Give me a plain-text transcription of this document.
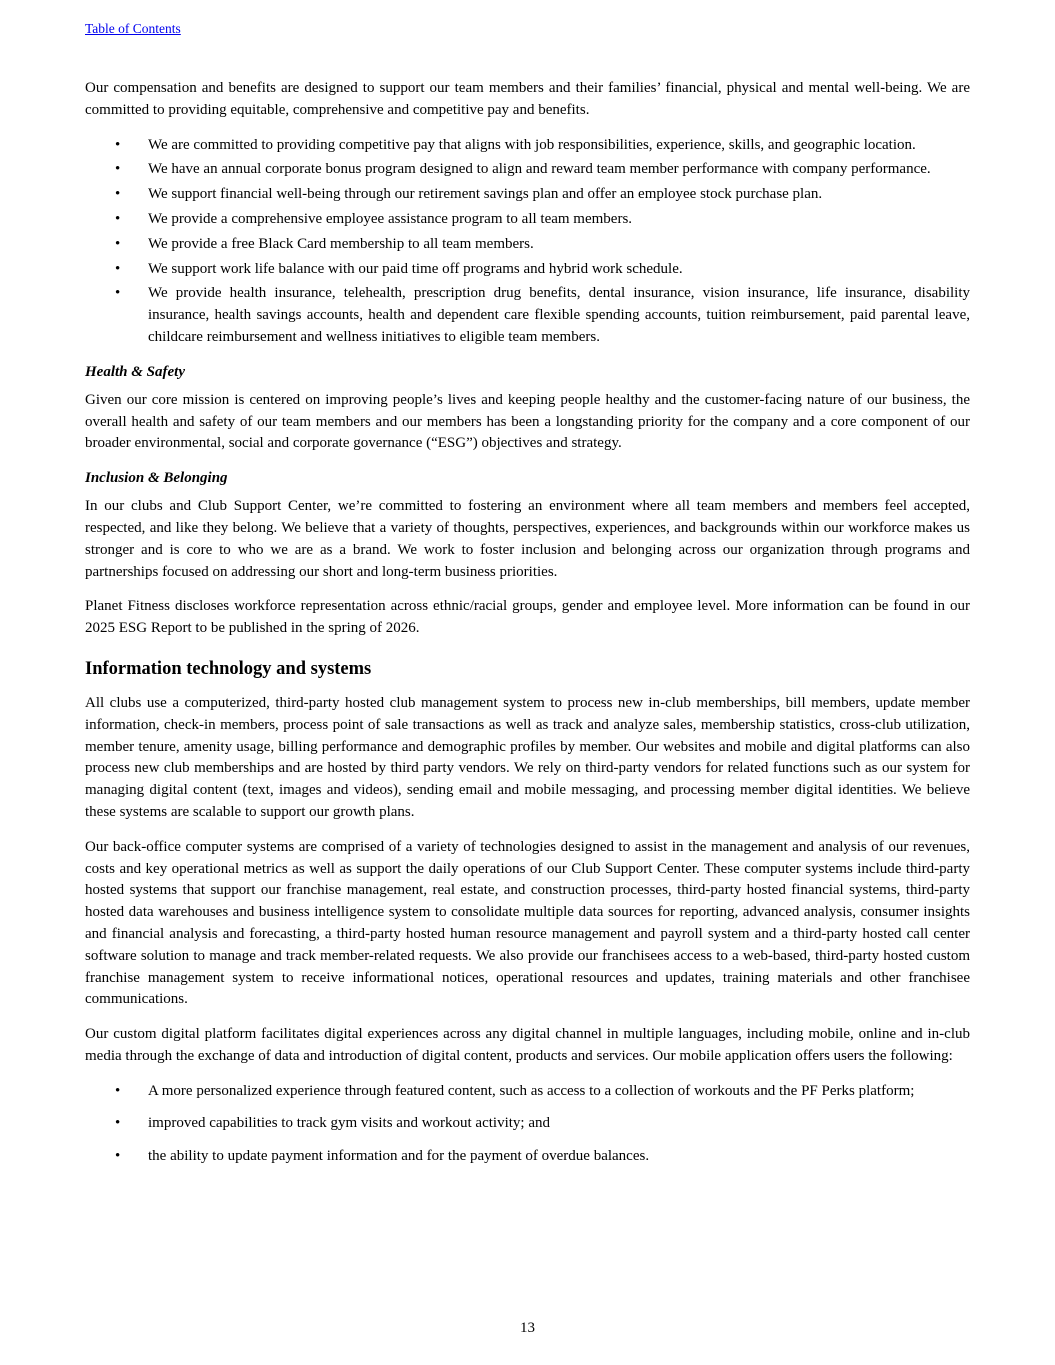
Table of Contents

Our compensation and benefits are designed to support our team members and their families’ financial, physical and mental well-being. We are committed to providing equitable, comprehensive and competitive pay and benefits.

• We are committed to providing competitive pay that aligns with job responsibilities, experience, skills, and geographic location.
• We have an annual corporate bonus program designed to align and reward team member performance with company performance.
• We support financial well-being through our retirement savings plan and offer an employee stock purchase plan.
• We provide a comprehensive employee assistance program to all team members.
• We provide a free Black Card membership to all team members.
• We support work life balance with our paid time off programs and hybrid work schedule.
• We provide health insurance, telehealth, prescription drug benefits, dental insurance, vision insurance, life insurance, disability insurance, health savings accounts, health and dependent care flexible spending accounts, tuition reimbursement, paid parental leave, childcare reimbursement and wellness initiatives to eligible team members.
Health & Safety

Given our core mission is centered on improving people’s lives and keeping people healthy and the customer-facing nature of our business, the overall health and safety of our team members and our members has been a longstanding priority for the company and a core component of our broader environmental, social and corporate governance (“ESG”) objectives and strategy.

Inclusion & Belonging

In our clubs and Club Support Center, we’re committed to fostering an environment where all team members and members feel accepted, respected, and like they belong. We believe that a variety of thoughts, perspectives, experiences, and backgrounds within our workforce makes us stronger and is core to who we are as a brand. We work to foster inclusion and belonging across our organization through programs and partnerships focused on addressing our short and long-term business priorities.

Planet Fitness discloses workforce representation across ethnic/racial groups, gender and employee level. More information can be found in our 2025 ESG Report to be published in the spring of 2026.

Information technology and systems

All clubs use a computerized, third-party hosted club management system to process new in-club memberships, bill members, update member information, check-in members, process point of sale transactions as well as track and analyze sales, membership statistics, cross-club utilization, member tenure, amenity usage, billing performance and demographic profiles by member. Our websites and mobile and digital platforms can also process new club memberships and are hosted by third party vendors. We rely on third-party vendors for related functions such as our system for managing digital content (text, images and videos), sending email and mobile messaging, and processing member digital identities. We believe these systems are scalable to support our growth plans.

Our back-office computer systems are comprised of a variety of technologies designed to assist in the management and analysis of our revenues, costs and key operational metrics as well as support the daily operations of our Club Support Center. These computer systems include third-party hosted systems that support our franchise management, real estate, and construction processes, third-party hosted financial systems, third-party hosted data warehouses and business intelligence system to consolidate multiple data sources for reporting, advanced analysis, consumer insights and financial analysis and forecasting, a third-party hosted human resource management and payroll system and a third-party hosted call center software solution to manage and track member-related requests. We also provide our franchisees access to a web-based, third-party hosted custom franchise management system to receive informational notices, operational resources and updates, training materials and other franchisee communications.

Our custom digital platform facilitates digital experiences across any digital channel in multiple languages, including mobile, online and in-club media through the exchange of data and introduction of digital content, products and services. Our mobile application offers users the following:

• A more personalized experience through featured content, such as access to a collection of workouts and the PF Perks platform;
• improved capabilities to track gym visits and workout activity; and
• the ability to update payment information and for the payment of overdue balances.
13
